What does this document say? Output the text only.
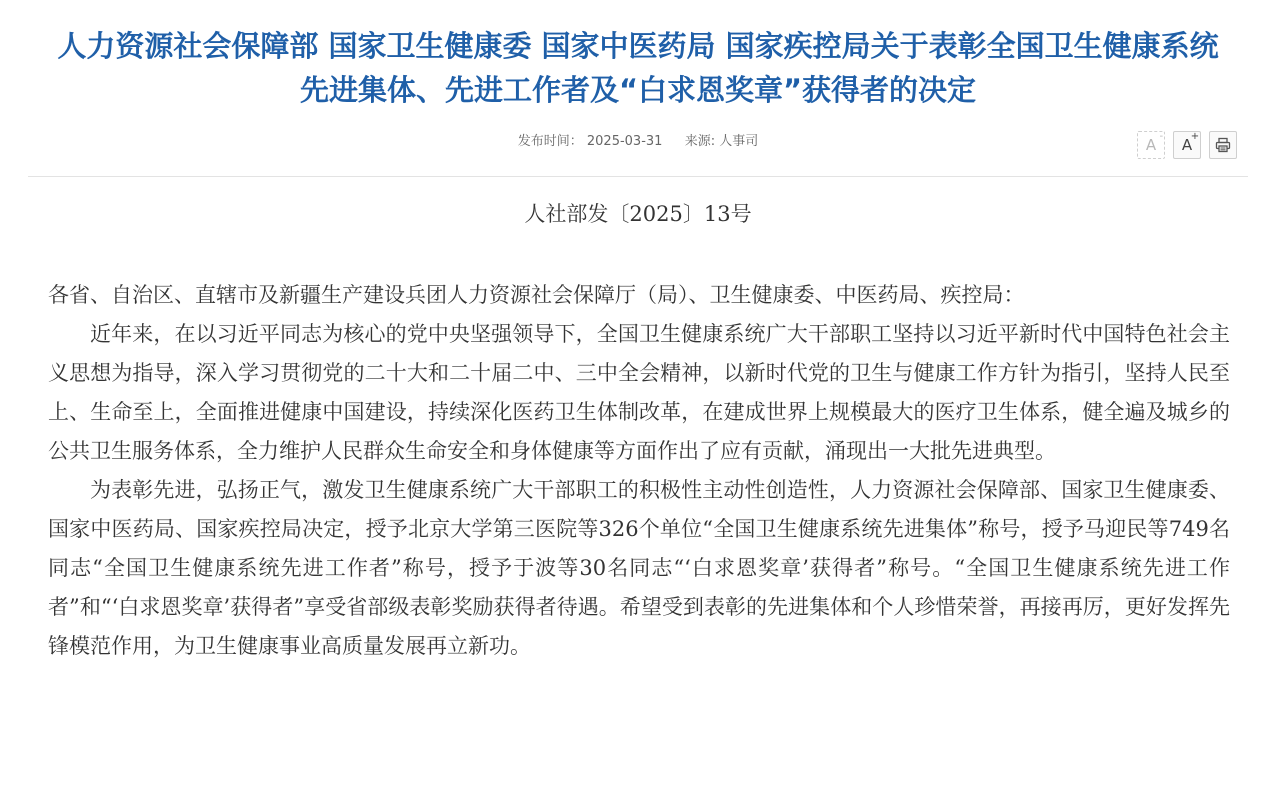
人力资源社会保障部 国家卫生健康委 国家中医药局 国家疾控局关于表彰全国卫生健康系统
先进集体、先进工作者及“白求恩奖章”获得者的决定
发布时间： 2025-03-31 来源: 人事司	A - A
+
人社部发〔2025〕13号

各省、自治区、直辖市及新疆生产建设兵团人力资源社会保障厅（局）、卫生健康委、中医药局、疾控局：

近年来，在以习近平同志为核心的党中央坚强领导下，全国卫生健康系统广大干部职工坚持以习近平新时代中国特色社会主义思想为指导，深入学习贯彻党的二十大和二十届二中、三中全会精神，以新时代党的卫生与健康工作方针为指引，坚持人民至上、生命至上，全面推进健康中国建设，持续深化医药卫生体制改革，在建成世界上规模最大的医疗卫生体系，健全遍及城乡的公共卫生服务体系，全力维护人民群众生命安全和身体健康等方面作出了应有贡献，涌现出一大批先进典型。

为表彰先进，弘扬正气，激发卫生健康系统广大干部职工的积极性主动性创造性，人力资源社会保障部、国家卫生健康委、国家中医药局、国家疾控局决定，授予北京大学第三医院等326个单位“全国卫生健康系统先进集体”称号，授予马迎民等749名同志“全国卫生健康系统先进工作者”称号，授予于波等30名同志“‘白求恩奖章’获得者”称号。“全国卫生健康系统先进工作者”和“‘白求恩奖章’获得者”享受省部级表彰奖励获得者待遇。希望受到表彰的先进集体和个人珍惜荣誉，再接再厉，更好发挥先锋模范作用，为卫生健康事业高质量发展再立新功。
